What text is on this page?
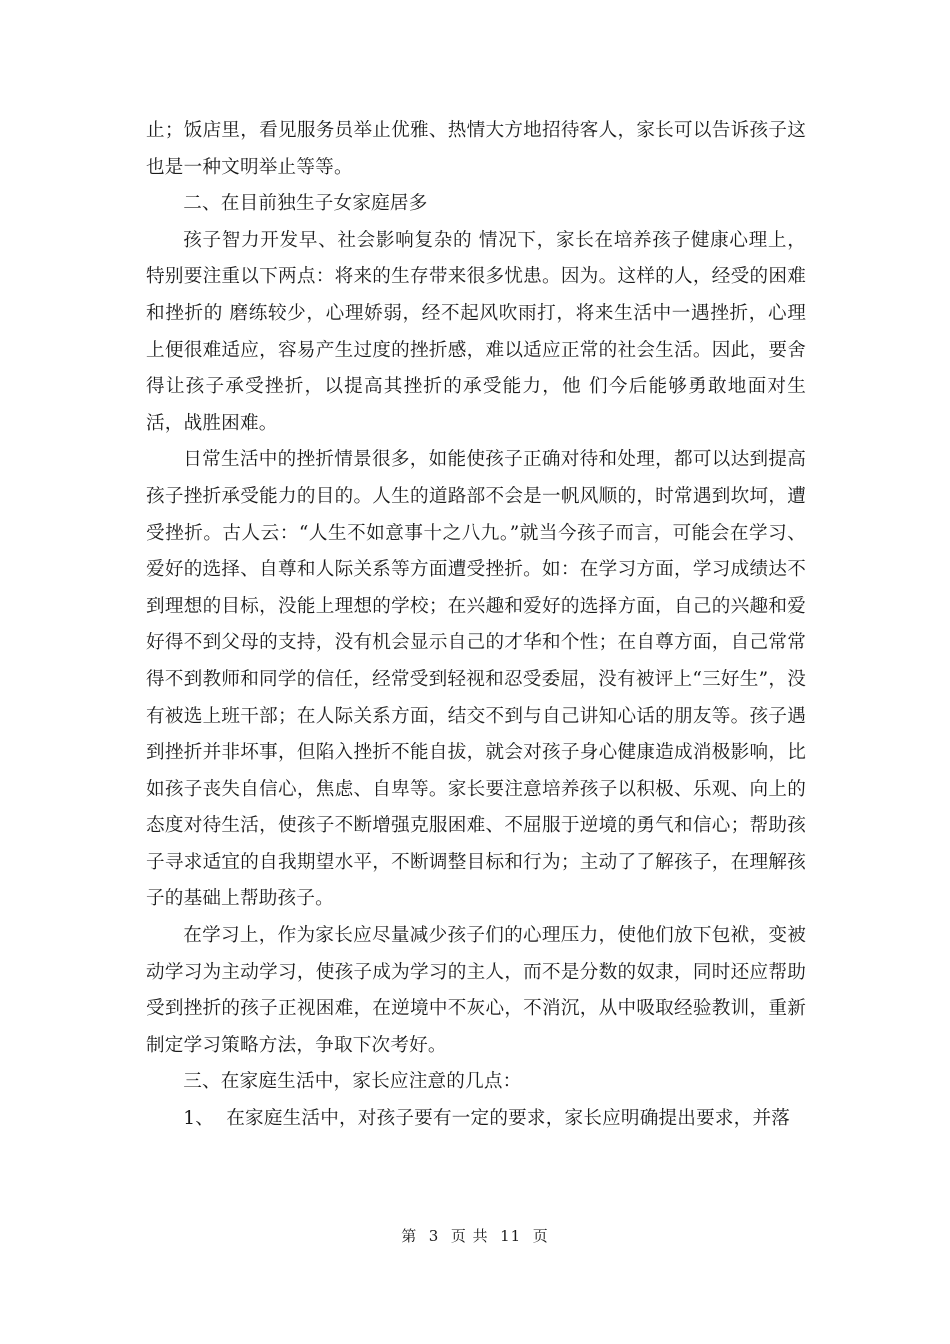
止；饭店里，看见服务员举止优雅、热情大方地招待客人，家长可以告诉孩子这也是一种文明举止等等。

二、在目前独生子女家庭居多

孩子智力开发早、社会影响复杂的 情况下，家长在培养孩子健康心理上，特别要注重以下两点：将来的生存带来很多忧患。因为。这样的人，经受的困难和挫折的 磨练较少，心理娇弱，经不起风吹雨打，将来生活中一遇挫折，心理上便很难适应，容易产生过度的挫折感，难以适应正常的社会生活。因此，要舍得让孩子承受挫折，以提高其挫折的承受能力，他 们今后能够勇敢地面对生活，战胜困难。

日常生活中的挫折情景很多，如能使孩子正确对待和处理，都可以达到提高孩子挫折承受能力的目的。人生的道路部不会是一帆风顺的，时常遇到坎坷，遭受挫折。古人云：“人生不如意事十之八九。”就当今孩子而言，可能会在学习、爱好的选择、自尊和人际关系等方面遭受挫折。如：在学习方面，学习成绩达不到理想的目标，没能上理想的学校；在兴趣和爱好的选择方面，自己的兴趣和爱好得不到父母的支持，没有机会显示自己的才华和个性；在自尊方面，自己常常得不到教师和同学的信任，经常受到轻视和忍受委屈，没有被评上“三好生”，没有被选上班干部；在人际关系方面，结交不到与自己讲知心话的朋友等。孩子遇到挫折并非坏事，但陷入挫折不能自拔，就会对孩子身心健康造成消极影响，比如孩子丧失自信心，焦虑、自卑等。家长要注意培养孩子以积极、乐观、向上的态度对待生活，使孩子不断增强克服困难、不屈服于逆境的勇气和信心；帮助孩子寻求适宜的自我期望水平，不断调整目标和行为；主动了了解孩子，在理解孩子的基础上帮助孩子。

在学习上，作为家长应尽量减少孩子们的心理压力，使他们放下包袱，变被动学习为主动学习，使孩子成为学习的主人，而不是分数的奴隶，同时还应帮助受到挫折的孩子正视困难，在逆境中不灰心，不消沉，从中吸取经验教训，重新制定学习策略方法，争取下次考好。

三、在家庭生活中，家长应注意的几点：

1、  在家庭生活中，对孩子要有一定的要求，家长应明确提出要求，并落

第  3  页 共  11  页
